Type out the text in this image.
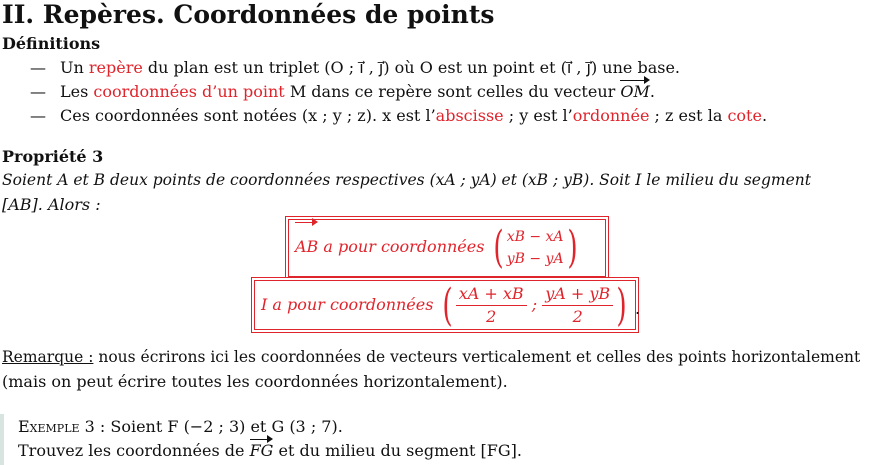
II. Repères. Coordonnées de points
Définitions
— Un repère du plan est un triplet (O ; i⃗ , j⃗) où O est un point et (i⃗ , j⃗) une base.
— Les coordonnées d’un point M dans ce repère sont celles du vecteur OM.
— Ces coordonnées sont notées (x ; y ; z). x est l’abscisse ; y est l’ordonnée ; z est la cote.
Propriété 3
Soient A et B deux points de coordonnées respectives (xA ; yA) et (xB ; yB). Soit I le milieu du segment
[AB]. Alors :
AB a pour coordonnées ( xB − xA
yB − yA )
I a pour coordonnées ( $\frac{xA + xB}{2}$ ; $\frac{yA + yB}{2}$ ) .
Remarque : nous écrirons ici les coordonnées de vecteurs verticalement et celles des points horizontalement
(mais on peut écrire toutes les coordonnées horizontalement).
Exemple 3 : Soient F (−2 ; 3) et G (3 ; 7).
Trouvez les coordonnées de FG et du milieu du segment [FG].
